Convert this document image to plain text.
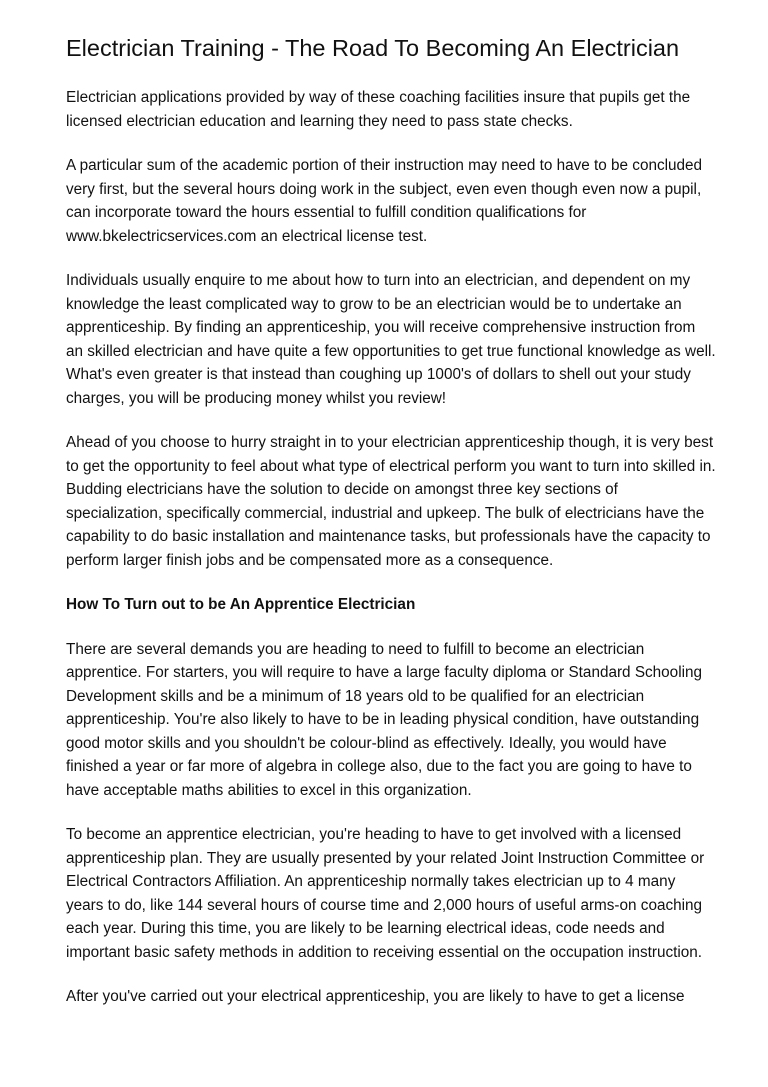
Electrician Training - The Road To Becoming An Electrician

Electrician applications provided by way of these coaching facilities insure that pupils get the licensed electrician education and learning they need to pass state checks.

A particular sum of the academic portion of their instruction may need to have to be concluded very first, but the several hours doing work in the subject, even even though even now a pupil, can incorporate toward the hours essential to fulfill condition qualifications for www.bkelectricservices.com an electrical license test.

Individuals usually enquire to me about how to turn into an electrician, and dependent on my knowledge the least complicated way to grow to be an electrician would be to undertake an apprenticeship. By finding an apprenticeship, you will receive comprehensive instruction from an skilled electrician and have quite a few opportunities to get true functional knowledge as well. What's even greater is that instead than coughing up 1000's of dollars to shell out your study charges, you will be producing money whilst you review!

Ahead of you choose to hurry straight in to your electrician apprenticeship though, it is very best to get the opportunity to feel about what type of electrical perform you want to turn into skilled in. Budding electricians have the solution to decide on amongst three key sections of specialization, specifically commercial, industrial and upkeep. The bulk of electricians have the capability to do basic installation and maintenance tasks, but professionals have the capacity to perform larger finish jobs and be compensated more as a consequence.

How To Turn out to be An Apprentice Electrician

There are several demands you are heading to need to fulfill to become an electrician apprentice. For starters, you will require to have a large faculty diploma or Standard Schooling Development skills and be a minimum of 18 years old to be qualified for an electrician apprenticeship. You're also likely to have to be in leading physical condition, have outstanding good motor skills and you shouldn't be colour-blind as effectively. Ideally, you would have finished a year or far more of algebra in college also, due to the fact you are going to have to have acceptable maths abilities to excel in this organization.

To become an apprentice electrician, you're heading to have to get involved with a licensed apprenticeship plan. They are usually presented by your related Joint Instruction Committee or Electrical Contractors Affiliation. An apprenticeship normally takes electrician up to 4 many years to do, like 144 several hours of course time and 2,000 hours of useful arms-on coaching each year. During this time, you are likely to be learning electrical ideas, code needs and important basic safety methods in addition to receiving essential on the occupation instruction.

After you've carried out your electrical apprenticeship, you are likely to have to get a license
